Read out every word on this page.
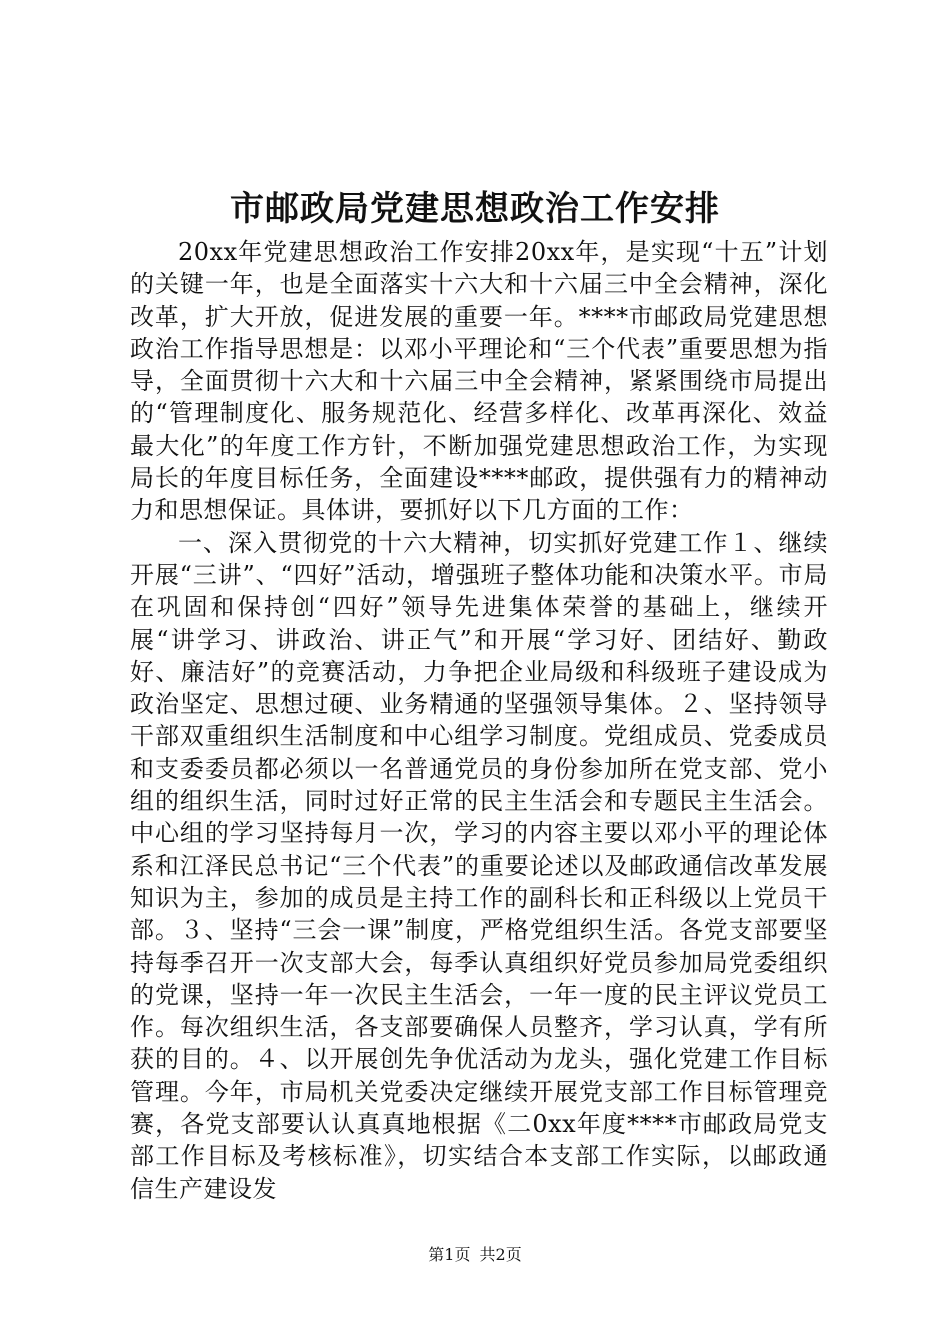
市邮政局党建思想政治工作安排

20xx年党建思想政治工作安排20xx年，是实现“十五”计划的关键一年，也是全面落实十六大和十六届三中全会精神，深化改革，扩大开放，促进发展的重要一年。****市邮政局党建思想政治工作指导思想是：以邓小平理论和“三个代表”重要思想为指导，全面贯彻十六大和十六届三中全会精神，紧紧围绕市局提出的“管理制度化、服务规范化、经营多样化、改革再深化、效益最大化”的年度工作方针，不断加强党建思想政治工作，为实现局长的年度目标任务，全面建设****邮政，提供强有力的精神动力和思想保证。具体讲，要抓好以下几方面的工作：

一、深入贯彻党的十六大精神，切实抓好党建工作１、继续开展“三讲”、“四好”活动，增强班子整体功能和决策水平。市局在巩固和保持创“四好”领导先进集体荣誉的基础上，继续开展“讲学习、讲政治、讲正气”和开展“学习好、团结好、勤政好、廉洁好”的竞赛活动，力争把企业局级和科级班子建设成为政治坚定、思想过硬、业务精通的坚强领导集体。２、坚持领导干部双重组织生活制度和中心组学习制度。党组成员、党委成员和支委委员都必须以一名普通党员的身份参加所在党支部、党小组的组织生活，同时过好正常的民主生活会和专题民主生活会。中心组的学习坚持每月一次，学习的内容主要以邓小平的理论体系和江泽民总书记“三个代表”的重要论述以及邮政通信改革发展知识为主，参加的成员是主持工作的副科长和正科级以上党员干部。３、坚持“三会一课”制度，严格党组织生活。各党支部要坚持每季召开一次支部大会，每季认真组织好党员参加局党委组织的党课，坚持一年一次民主生活会，一年一度的民主评议党员工作。每次组织生活，各支部要确保人员整齐，学习认真，学有所获的目的。４、以开展创先争优活动为龙头，强化党建工作目标管理。今年，市局机关党委决定继续开展党支部工作目标管理竞赛，各党支部要认认真真地根据《二0xx年度****市邮政局党支部工作目标及考核标准》，切实结合本支部工作实际，以邮政通信生产建设发

第1页 共2页
